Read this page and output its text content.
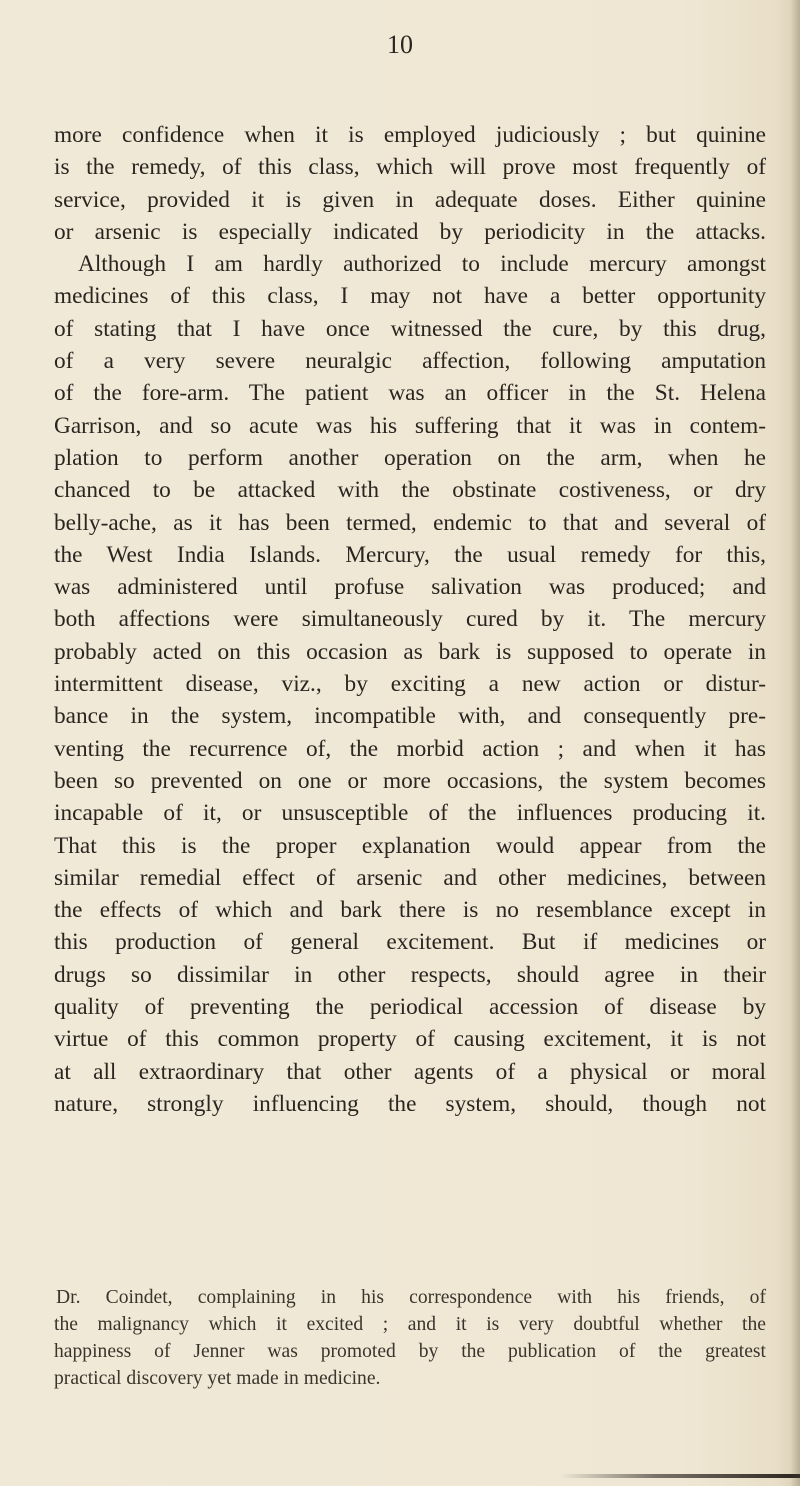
10
more confidence when it is employed judiciously ; but quinine
is the remedy, of this class, which will prove most frequently of
service, provided it is given in adequate doses. Either quinine
or arsenic is especially indicated by periodicity in the attacks.
Although I am hardly authorized to include mercury amongst
medicines of this class, I may not have a better opportunity
of stating that I have once witnessed the cure, by this drug,
of a very severe neuralgic affection, following amputation
of the fore-arm. The patient was an officer in the St. Helena
Garrison, and so acute was his suffering that it was in contem-
plation to perform another operation on the arm, when he
chanced to be attacked with the obstinate costiveness, or dry
belly-ache, as it has been termed, endemic to that and several of
the West India Islands. Mercury, the usual remedy for this,
was administered until profuse salivation was produced; and
both affections were simultaneously cured by it. The mercury
probably acted on this occasion as bark is supposed to operate in
intermittent disease, viz., by exciting a new action or distur-
bance in the system, incompatible with, and consequently pre-
venting the recurrence of, the morbid action ; and when it has
been so prevented on one or more occasions, the system becomes
incapable of it, or unsusceptible of the influences producing it.
That this is the proper explanation would appear from the
similar remedial effect of arsenic and other medicines, between
the effects of which and bark there is no resemblance except in
this production of general excitement. But if medicines or
drugs so dissimilar in other respects, should agree in their
quality of preventing the periodical accession of disease by
virtue of this common property of causing excitement, it is not
at all extraordinary that other agents of a physical or moral
nature, strongly influencing the system, should, though not
Dr. Coindet, complaining in his correspondence with his friends, of
the malignancy which it excited ; and it is very doubtful whether the
happiness of Jenner was promoted by the publication of the greatest
practical discovery yet made in medicine.
